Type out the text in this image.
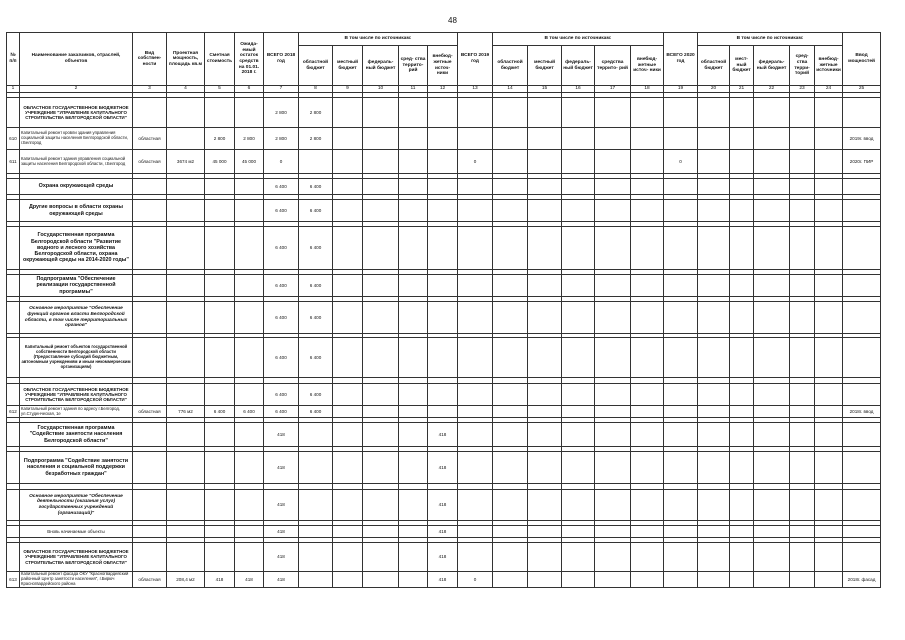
48
№ п/п	Наименование заказчиков, отраслей, объектов	Вид собствен- ности	Проектная мощность, площадь кв.м	Сметная стоимость	Ожида- емый остаток средств на 01.01. 2018 г.	ВСЕГО 2018 год	В том числе по источникам:					ВСЕГО 2019 год	В том числе по источникам:					ВСЕГО 2020 год	В том числе по источникам:					Ввод мощностей
							областной бюджет	местный бюджет	федераль- ный бюджет	сред- ства террито- рий	внебюд- жетные источ- ники		областной бюджет	местный бюджет	федераль- ный бюджет	средства террито- рий	внебюд- жетные источ- ники		областной бюджет	мест- ный бюджет	федераль- ный бюджет	сред- ства терри- торий	внебюд- жетные источники	
1	2	3	4	5	6	7	8	9	10	11	12	13	14	15	16	17	18	19	20	21	22	23	24	25

	ОБЛАСТНОЕ ГОСУДАРСТВЕННОЕ БЮДЖЕТНОЕ УЧРЕЖДЕНИЕ "УПРАВЛЕНИЕ КАПИТАЛЬНОГО СТРОИТЕЛЬСТВА БЕЛГОРОДСКОЙ ОБЛАСТИ"					2 800	2 800																	
610	Капитальный ремонт кровли здания управления социальной защиты населения Белгородской области, г.Белгород	областная		2 800	2 800	2 800	2 800																	2019г. ввод
611	Капитальный ремонт здания управления социальной защиты населения Белгородской области, г.Белгород	областная	3674 м2	45 000	45 000	0						0						0						2020г. ПИР

	Охрана окружающей среды					6 400	6 400																	

	Другие вопросы в области охраны окружающей среды					6 400	6 400																	

	Государственная программа Белгородской области "Развитие водного и лесного хозяйства Белгородской области, охрана окружающей среды на 2014-2020 годы"					6 400	6 400																	

	Подпрограмма "Обеспечение реализации государственной программы"					6 400	6 400																	

	Основное мероприятие "Обеспечение функций органов власти Белгородской области, в том числе территориальных органов"					6 400	6 400																	

	Капитальный ремонт объектов государственной собственности Белгородской области (Предоставление субсидий бюджетным, автономным учреждениям и иным некоммерческим организациям)					6 400	6 400																	

	ОБЛАСТНОЕ ГОСУДАРСТВЕННОЕ БЮДЖЕТНОЕ УЧРЕЖДЕНИЕ "УПРАВЛЕНИЕ КАПИТАЛЬНОГО СТРОИТЕЛЬСТВА БЕЛГОРОДСКОЙ ОБЛАСТИ"					6 400	6 400																	
612	Капитальный ремонт здания по адресу г.Белгород, ул.Студенческая, 1е	областная	776 м2	6 400	6 400	6 400	6 400																	2018г. ввод

	Государственная программа "Содействие занятости населения Белгородской области"					418					418													

	Подпрограмма "Содействие занятости населения и социальной поддержки безработных граждан"					418					418													

	Основное мероприятие "Обеспечение деятельности (оказания услуг) государственных учреждений (организаций)"					418					418													

	Вновь начинаемые объекты					418					418													

	ОБЛАСТНОЕ ГОСУДАРСТВЕННОЕ БЮДЖЕТНОЕ УЧРЕЖДЕНИЕ "УПРАВЛЕНИЕ КАПИТАЛЬНОГО СТРОИТЕЛЬСТВА БЕЛГОРОДСКОЙ ОБЛАСТИ"					418					418													
613	Капитальный ремонт фасада ОКУ "Красногвардейский районный Центр занятости населения", г.Бирюч Красногвардейского района	областная	208,4 м2	418	418	418					418	0												2018г. фасад
